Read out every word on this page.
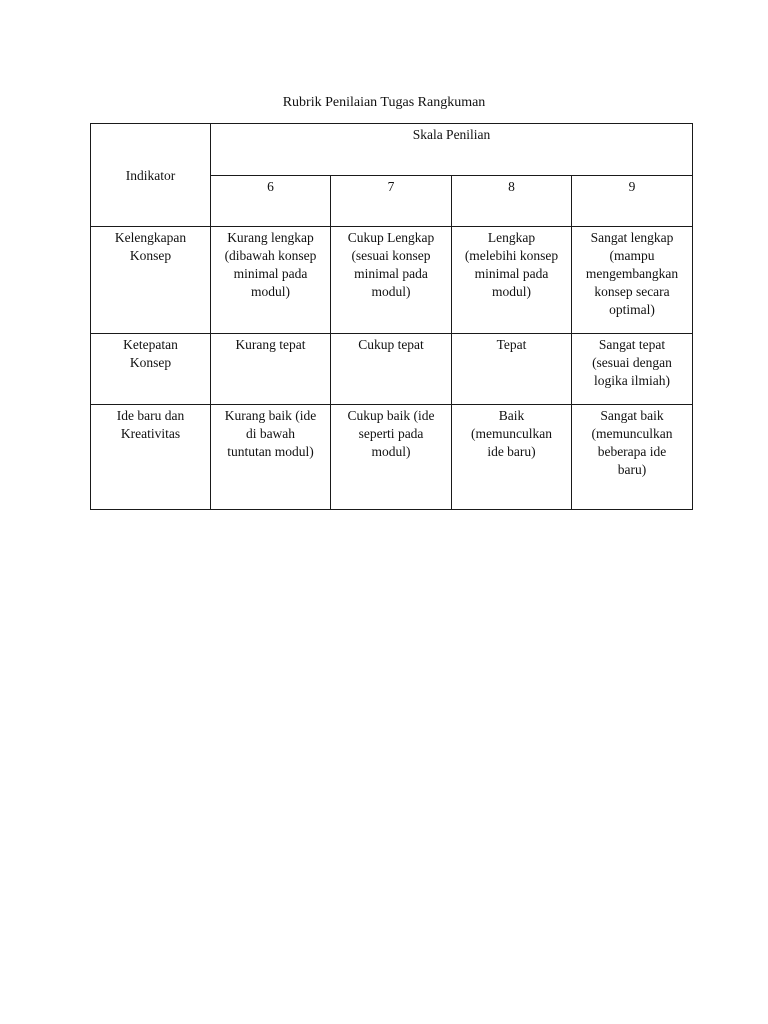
Rubrik Penilaian Tugas Rangkuman
Indikator	Skala Penilian			
	6	7	8	9

Kelengkapan
Konsep	Kurang lengkap
(dibawah konsep
minimal pada
modul)	Cukup Lengkap
(sesuai konsep
minimal pada
modul)	Lengkap
(melebihi konsep
minimal pada
modul)	Sangat lengkap
(mampu
mengembangkan
konsep secara
optimal)

Ketepatan
Konsep	Kurang tepat	Cukup tepat	Tepat	Sangat tepat
(sesuai dengan
logika ilmiah)

Ide baru dan
Kreativitas	Kurang baik (ide
di bawah
tuntutan modul)	Cukup baik (ide
seperti pada
modul)	Baik
(memunculkan
ide baru)	Sangat baik
(memunculkan
beberapa ide
baru)
